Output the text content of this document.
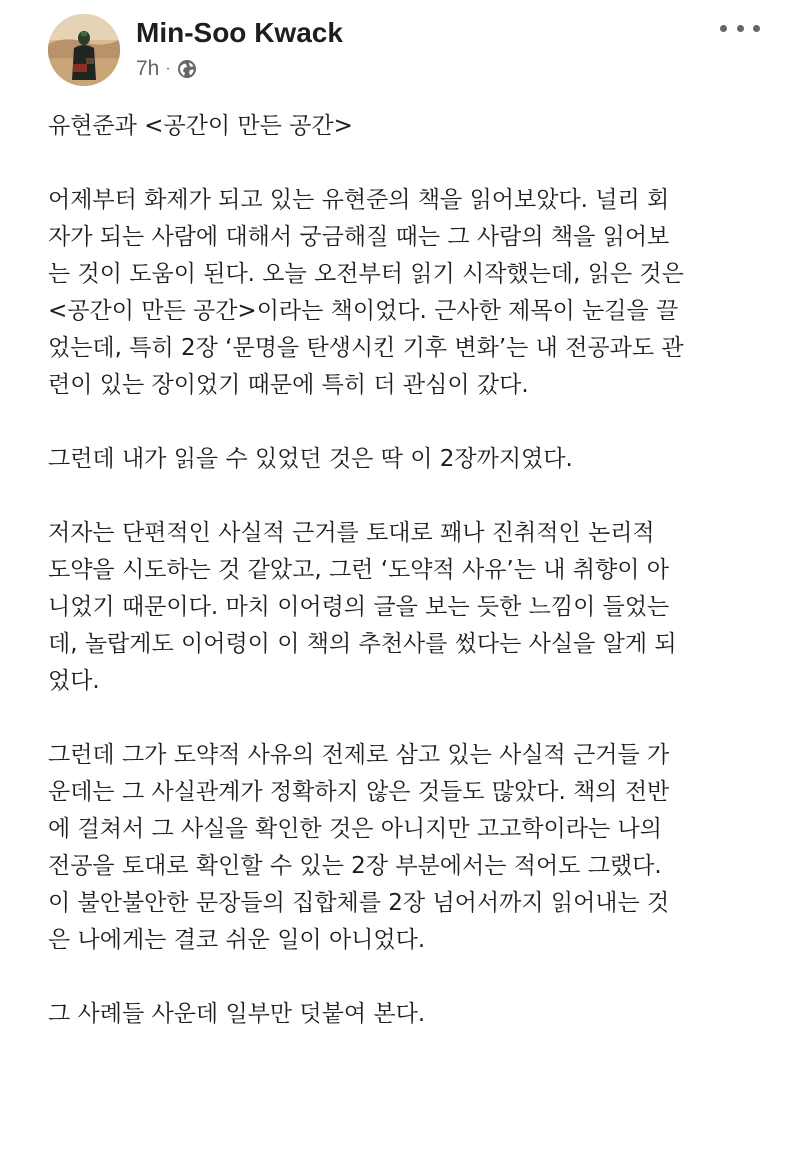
Min-Soo Kwack
7h ·
유현준과 <공간이 만든 공간>
어제부터 화제가 되고 있는 유현준의 책을 읽어보았다. 널리 회
자가 되는 사람에 대해서 궁금해질 때는 그 사람의 책을 읽어보
는 것이 도움이 된다. 오늘 오전부터 읽기 시작했는데, 읽은 것은
<공간이 만든 공간>이라는 책이었다. 근사한 제목이 눈길을 끌
었는데, 특히 2장 ‘문명을 탄생시킨 기후 변화’는 내 전공과도 관
련이 있는 장이었기 때문에 특히 더 관심이 갔다.
그런데 내가 읽을 수 있었던 것은 딱 이 2장까지였다.
저자는 단편적인 사실적 근거를 토대로 꽤나 진취적인 논리적
도약을 시도하는 것 같았고, 그런 ‘도약적 사유’는 내 취향이 아
니었기 때문이다. 마치 이어령의 글을 보는 듯한 느낌이 들었는
데, 놀랍게도 이어령이 이 책의 추천사를 썼다는 사실을 알게 되
었다.
그런데 그가 도약적 사유의 전제로 삼고 있는 사실적 근거들 가
운데는 그 사실관계가 정확하지 않은 것들도 많았다. 책의 전반
에 걸쳐서 그 사실을 확인한 것은 아니지만 고고학이라는 나의
전공을 토대로 확인할 수 있는 2장 부분에서는 적어도 그랬다.
이 불안불안한 문장들의 집합체를 2장 넘어서까지 읽어내는 것
은 나에게는 결코 쉬운 일이 아니었다.
그 사례들 사운데 일부만 덧붙여 본다.
